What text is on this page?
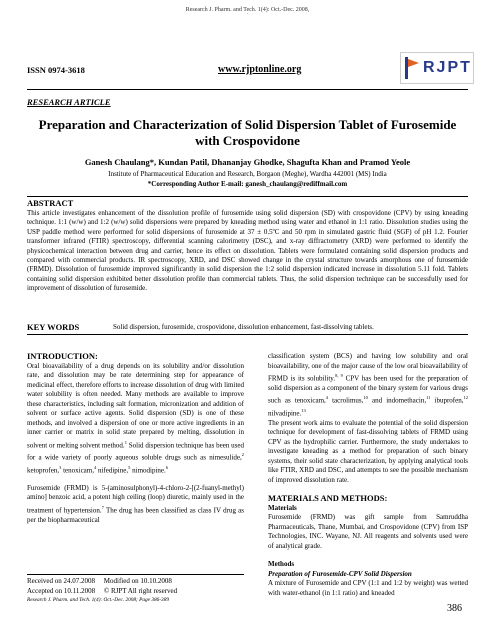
Research J. Pharm. and Tech. 1(4): Oct.-Dec. 2008,
`
ISSN 0974-3618	www.rjptonline.org	RJPT
RESEARCH ARTICLE
Preparation and Characterization of Solid Dispersion Tablet of Furosemide with Crospovidone
Ganesh Chaulang*, Kundan Patil, Dhananjay Ghodke, Shagufta Khan and Pramod Yeole
Institute of Pharmaceutical Education and Research, Borgaon (Meghe), Wardha 442001 (MS) India
*Corresponding Author E-mail: ganesh_chaulang@rediffmail.com
ABSTRACT
This article investigates enhancement of the dissolution profile of furosemide using solid dispersion (SD) with crospovidone (CPV) by using kneading technique. 1:1 (w/w) and 1:2 (w/w) solid dispersions were prepared by kneading method using water and ethanol in 1:1 ratio. Dissolution studies using the USP paddle method were performed for solid dispersions of furosemide at 37 ± 0.5ºC and 50 rpm in simulated gastric fluid (SGF) of pH 1.2. Fourier transformer infrared (FTIR) spectroscopy, differential scanning calorimetry (DSC), and x-ray diffractometry (XRD) were performed to identify the physicochemical interaction between drug and carrier, hence its effect on dissolution. Tablets were formulated containing solid dispersion products and compared with commercial products. IR spectroscopy, XRD, and DSC showed change in the crystal structure towards amorphous one of furosemide (FRMD). Dissolution of furosemide improved significantly in solid dispersion the 1:2 solid dispersion indicated increase in dissolution 5.11 fold. Tablets containing solid dispersion exhibited better dissolution profile than commercial tablets. Thus, the solid dispersion technique can be successfully used for improvement of dissolution of furosemide.
KEY WORDS	Solid dispersion, furosemide, crospovidone, dissolution enhancement, fast-dissolving tablets.
INTRODUCTION:

Oral bioavailability of a drug depends on its solubility and/or dissolution rate, and dissolution may be rate determining step for appearance of medicinal effect, therefore efforts to increase dissolution of drug with limited water solubility is often needed. Many methods are available to improve these characteristics, including salt formation, micronization and addition of solvent or surface active agents. Solid dispersion (SD) is one of these methods, and involved a dispersion of one or more active ingredients in an inner carrier or matrix in solid state prepared by melting, dissolution in solvent or melting solvent method.$^1$ Solid dispersion technique has been used for a wide variety of poorly aqueous soluble drugs such as nimesulide,$^2$ ketoprofen,$^3$ tenoxicam,$^4$ nifedipine,$^5$ nimodipine.$^6$

Furosemide (FRMD) is 5-(aminosulphonyl)-4-chloro-2-[(2-fuanyl-methyl) amino] benzoic acid, a potent high ceiling (loop) diuretic, mainly used in the treatment of hypertension.$^7$ The drug has been classified as class IV drug as per the biopharmaceutical

classification system (BCS) and having low solubility and oral bioavailability, one of the major cause of the low oral bioavailability of FRMD is its solubility.$^{8, 9}$ CPV has been used for the preparation of solid dispersion as a component of the binary system for various drugs such as tenoxicam,$^4$ tacrolimus,$^{10}$ and indomethacin,$^{11}$ ibuprofen,$^{12}$ nilvadipine.$^{13}$

The present work aims to evaluate the potential of the solid dispersion technique for development of fast-dissolving tablets of FRMD using CPV as the hydrophilic carrier. Furthermore, the study undertakes to investigate kneading as a method for preparation of such binary systems, their solid state characterization, by applying analytical tools like FTIR, XRD and DSC, and attempts to see the possible mechanism of improved dissolution rate.

MATERIALS AND METHODS:
Materials

Furosemide (FRMD) was gift sample from Samruddha Pharmaceuticals, Thane, Mumbai, and Crospovidone (CPV) from ISP Technologies, INC. Wayane, NJ. All reagents and solvents used were of analytical grade.

Methods
Preparation of Furosemide-CPV Solid Dispersion

A mixture of Furosemide and CPV (1:1 and 1:2 by weight) was wetted with water-ethanol (in 1:1 ratio) and kneaded

Received on 24.07.2008     Modified on 10.10.2008
Accepted on 10.11.2008     © RJPT All right reserved
Research J. Pharm. and Tech. 1(4): Oct.-Dec. 2008; Page 386-389
386
